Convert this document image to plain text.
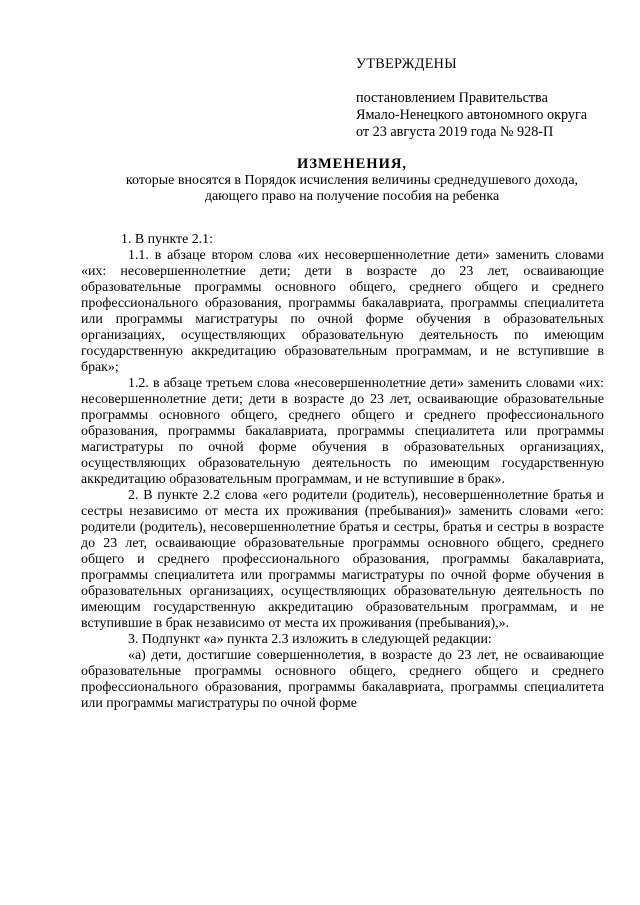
УТВЕРЖДЕНЫ

постановлением Правительства

Ямало-Ненецкого автономного округа

от 23 августа 2019 года № 928-П

ИЗМЕНЕНИЯ,

которые вносятся в Порядок исчисления величины среднедушевого дохода,

дающего право на получение пособия на ребенка

1. В пункте 2.1:

1.1. в абзаце втором слова «их несовершеннолетние дети» заменить словами «их: несовершеннолетние дети; дети в возрасте до 23 лет, осваивающие образовательные программы основного общего, среднего общего и среднего профессионального образования, программы бакалавриата, программы специалитета или программы магистратуры по очной форме обучения в образовательных организациях, осуществляющих образовательную деятельность по имеющим государственную аккредитацию образовательным программам, и не вступившие в брак»;

1.2. в абзаце третьем слова «несовершеннолетние дети» заменить словами «их: несовершеннолетние дети; дети в возрасте до 23 лет, осваивающие образовательные программы основного общего, среднего общего и среднего профессионального образования, программы бакалавриата, программы специалитета или программы магистратуры по очной форме обучения в образовательных организациях, осуществляющих образовательную деятельность по имеющим государственную аккредитацию образовательным программам, и не вступившие в брак».

2. В пункте 2.2 слова «его родители (родитель), несовершеннолетние братья и сестры независимо от места их проживания (пребывания)» заменить словами «его: родители (родитель), несовершеннолетние братья и сестры, братья и сестры в возрасте до 23 лет, осваивающие образовательные программы основного общего, среднего общего и среднего профессионального образования, программы бакалавриата, программы специалитета или программы магистратуры по очной форме обучения в образовательных организациях, осуществляющих образовательную деятельность по имеющим государственную аккредитацию образовательным программам, и не вступившие в брак независимо от места их проживания (пребывания),».

3. Подпункт «а» пункта 2.3 изложить в следующей редакции:

«а) дети, достигшие совершеннолетия, в возрасте до 23 лет, не осваивающие образовательные программы основного общего, среднего общего и среднего профессионального образования, программы бакалавриата, программы специалитета или программы магистратуры по очной форме
